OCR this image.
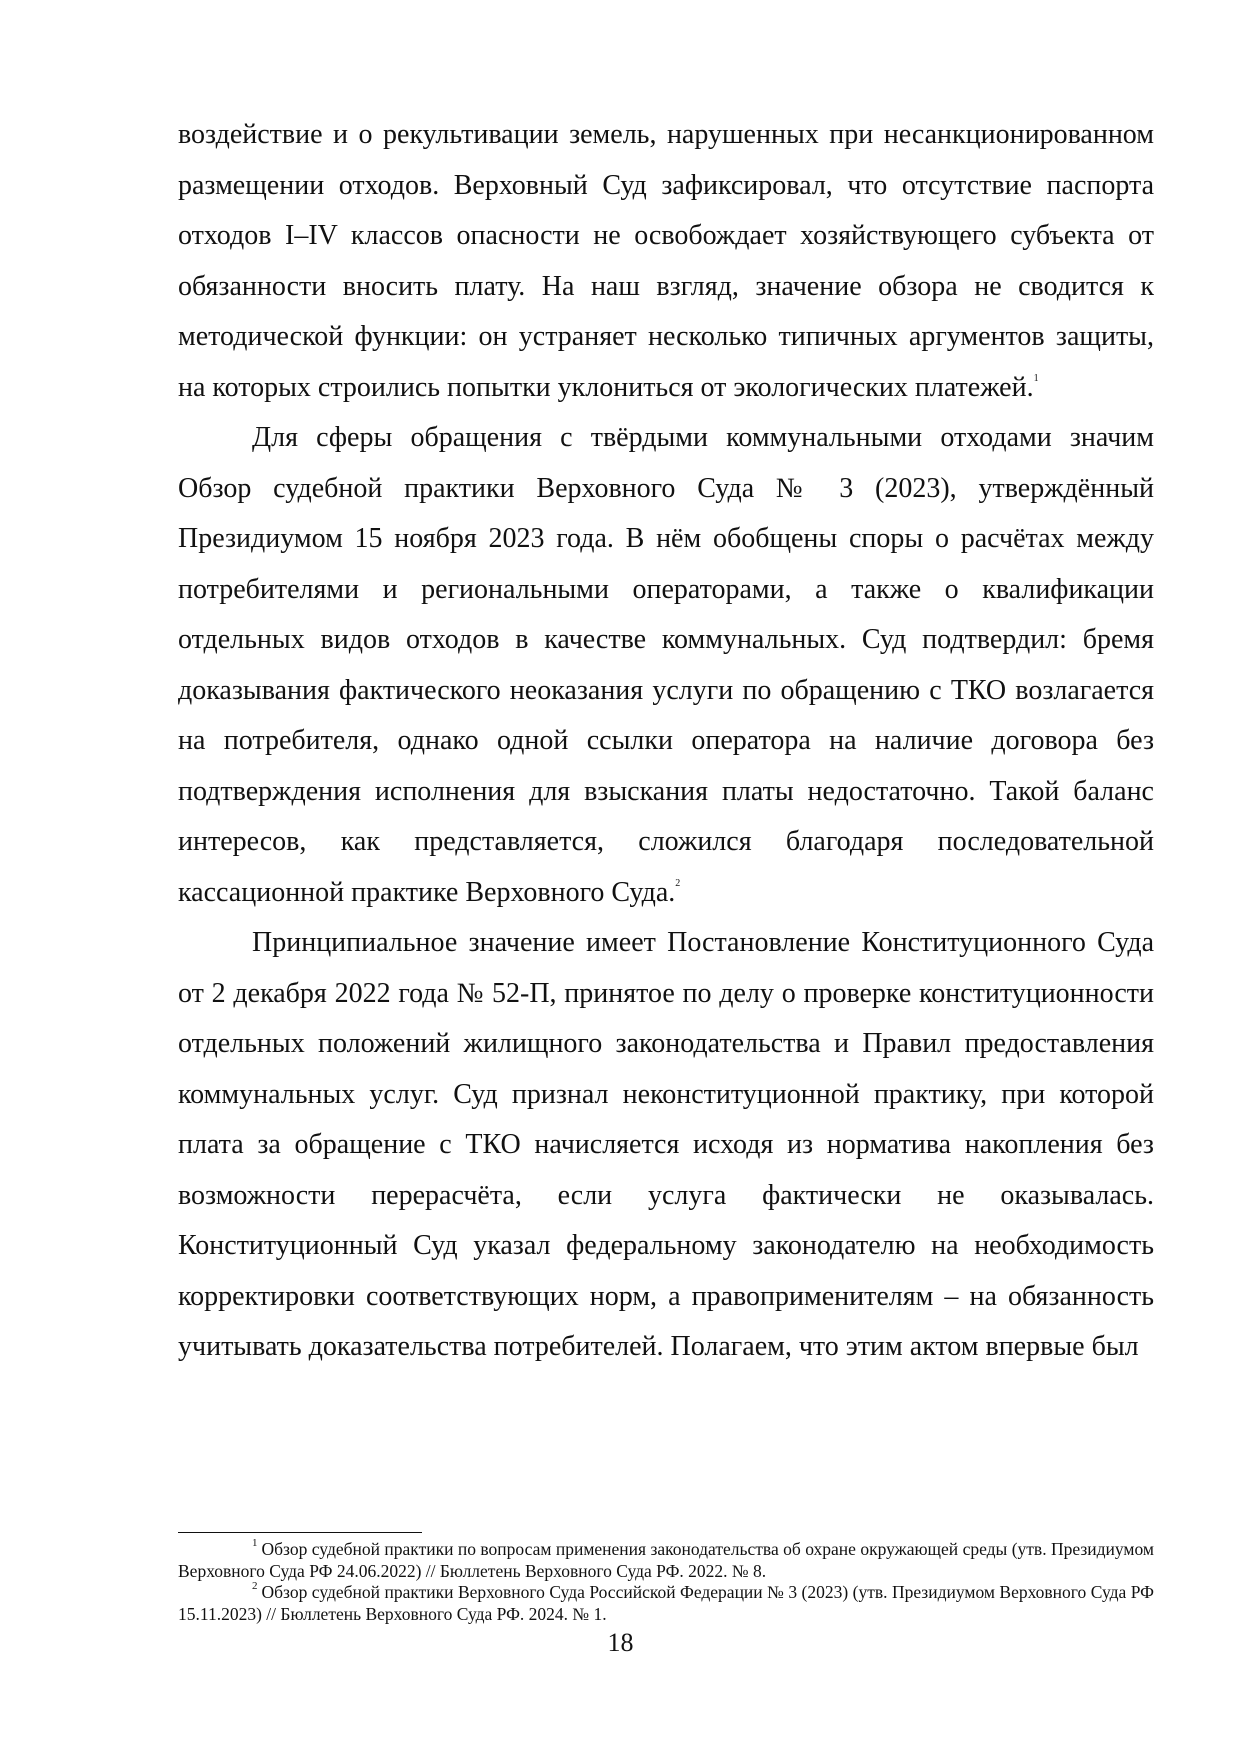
воздействие и о рекультивации земель, нарушенных при несанкционированном размещении отходов. Верховный Суд зафиксировал, что отсутствие паспорта отходов I–IV классов опасности не освобождает хозяйствующего субъекта от обязанности вносить плату. На наш взгляд, значение обзора не сводится к методической функции: он устраняет несколько типичных аргументов защиты, на которых строились попытки уклониться от экологических платежей.$^1$

Для сферы обращения с твёрдыми коммунальными отходами значим Обзор судебной практики Верховного Суда № 3 (2023), утверждённый Президиумом 15 ноября 2023 года. В нём обобщены споры о расчётах между потребителями и региональными операторами, а также о квалификации отдельных видов отходов в качестве коммунальных. Суд подтвердил: бремя доказывания фактического неоказания услуги по обращению с ТКО возлагается на потребителя, однако одной ссылки оператора на наличие договора без подтверждения исполнения для взыскания платы недостаточно. Такой баланс интересов, как представляется, сложился благодаря последовательной кассационной практике Верховного Суда.$^2$

Принципиальное значение имеет Постановление Конституционного Суда от 2 декабря 2022 года № 52-П, принятое по делу о проверке конституционности отдельных положений жилищного законодательства и Правил предоставления коммунальных услуг. Суд признал неконституционной практику, при которой плата за обращение с ТКО начисляется исходя из норматива накопления без возможности перерасчёта, если услуга фактически не оказывалась. Конституционный Суд указал федеральному законодателю на необходимость корректировки соответствующих норм, а правоприменителям – на обязанность учитывать доказательства потребителей. Полагаем, что этим актом впервые был

$^1$ Обзор судебной практики по вопросам применения законодательства об охране окружающей среды (утв. Президиумом Верховного Суда РФ 24.06.2022) // Бюллетень Верховного Суда РФ. 2022. № 8.

$^2$ Обзор судебной практики Верховного Суда Российской Федерации № 3 (2023) (утв. Президиумом Верховного Суда РФ 15.11.2023) // Бюллетень Верховного Суда РФ. 2024. № 1.

18
